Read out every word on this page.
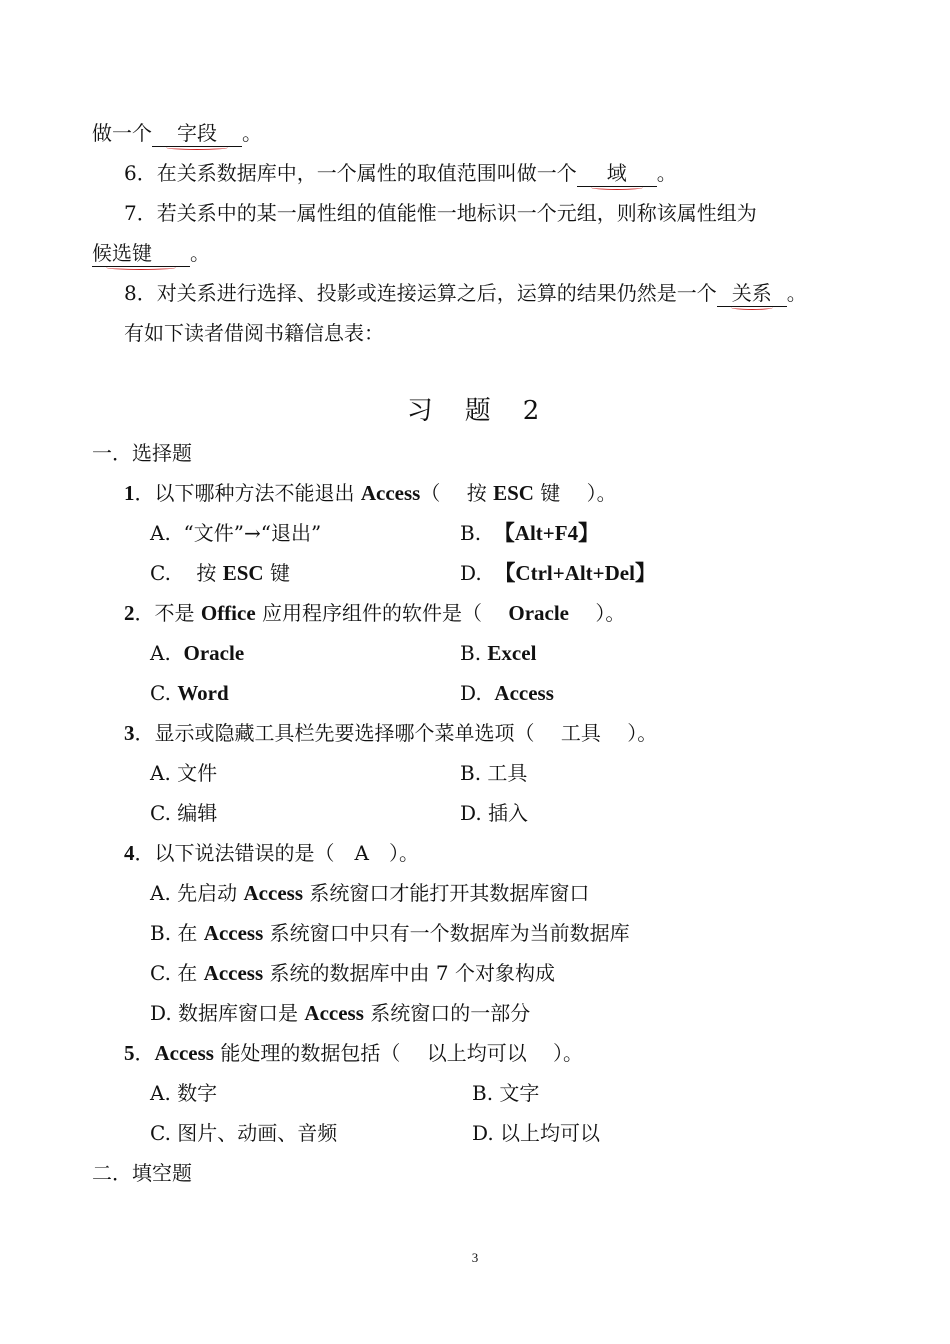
做一个 字段 。
6．在关系数据库中，一个属性的取值范围叫做一个 域 。
7．若关系中的某一属性组的值能惟一地标识一个元组，则称该属性组为
候选键 。
8．对关系进行选择、投影或连接运算之后，运算的结果仍然是一个 关系 。
有如下读者借阅书籍信息表：
习 题 2
一．选择题
1．以下哪种方法不能退出 Access（　 按 ESC 键　 ）。
A. “文件”→“退出”	B. 【Alt+F4】
C. 按 ESC 键	D. 【Ctrl+Alt+Del】
2．不是 Office 应用程序组件的软件是（　 Oracle　 ）。
A. Oracle	B. Excel
C. Word	D. Access
3．显示或隐藏工具栏先要选择哪个菜单选项（　 工具　 ）。
A. 文件	B. 工具
C. 编辑	D. 插入
4．以下说法错误的是（　A　）。
A. 先启动 Access 系统窗口才能打开其数据库窗口
B. 在 Access 系统窗口中只有一个数据库为当前数据库
C. 在 Access 系统的数据库中由 7 个对象构成
D. 数据库窗口是 Access 系统窗口的一部分
5．Access 能处理的数据包括（　 以上均可以　 ）。
A. 数字	B. 文字
C. 图片、动画、音频	D. 以上均可以
二．填空题
3
